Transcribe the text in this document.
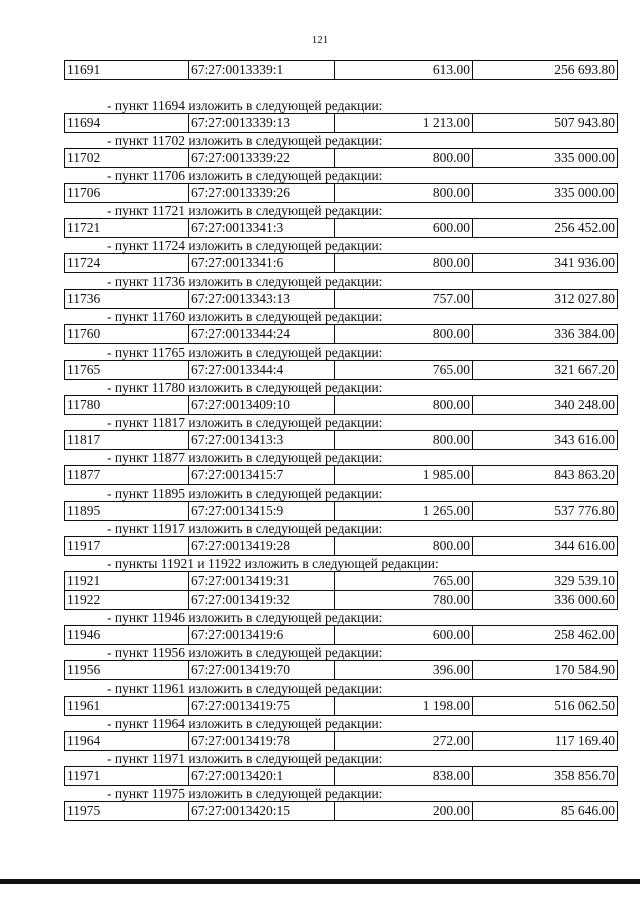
121
11691	67:27:0013339:1	613.00	256 693.80
- пункт 11694 изложить в следующей редакции:
11694	67:27:0013339:13	1 213.00	507 943.80
- пункт 11702 изложить в следующей редакции:
11702	67:27:0013339:22	800.00	335 000.00
- пункт 11706 изложить в следующей редакции:
11706	67:27:0013339:26	800.00	335 000.00
- пункт 11721 изложить в следующей редакции:
11721	67:27:0013341:3	600.00	256 452.00
- пункт 11724 изложить в следующей редакции:
11724	67:27:0013341:6	800.00	341 936.00
- пункт 11736 изложить в следующей редакции:
11736	67:27:0013343:13	757.00	312 027.80
- пункт 11760 изложить в следующей редакции:
11760	67:27:0013344:24	800.00	336 384.00
- пункт 11765 изложить в следующей редакции:
11765	67:27:0013344:4	765.00	321 667.20
- пункт 11780 изложить в следующей редакции:
11780	67:27:0013409:10	800.00	340 248.00
- пункт 11817 изложить в следующей редакции:
11817	67:27:0013413:3	800.00	343 616.00
- пункт 11877 изложить в следующей редакции:
11877	67:27:0013415:7	1 985.00	843 863.20
- пункт 11895 изложить в следующей редакции:
11895	67:27:0013415:9	1 265.00	537 776.80
- пункт 11917 изложить в следующей редакции:
11917	67:27:0013419:28	800.00	344 616.00
- пункты 11921 и 11922 изложить в следующей редакции:
11921	67:27:0013419:31	765.00	329 539.10
11922	67:27:0013419:32	780.00	336 000.60
- пункт 11946 изложить в следующей редакции:
11946	67:27:0013419:6	600.00	258 462.00
- пункт 11956 изложить в следующей редакции:
11956	67:27:0013419:70	396.00	170 584.90
- пункт 11961 изложить в следующей редакции:
11961	67:27:0013419:75	1 198.00	516 062.50
- пункт 11964 изложить в следующей редакции:
11964	67:27:0013419:78	272.00	117 169.40
- пункт 11971 изложить в следующей редакции:
11971	67:27:0013420:1	838.00	358 856.70
- пункт 11975 изложить в следующей редакции:
11975	67:27:0013420:15	200.00	85 646.00
